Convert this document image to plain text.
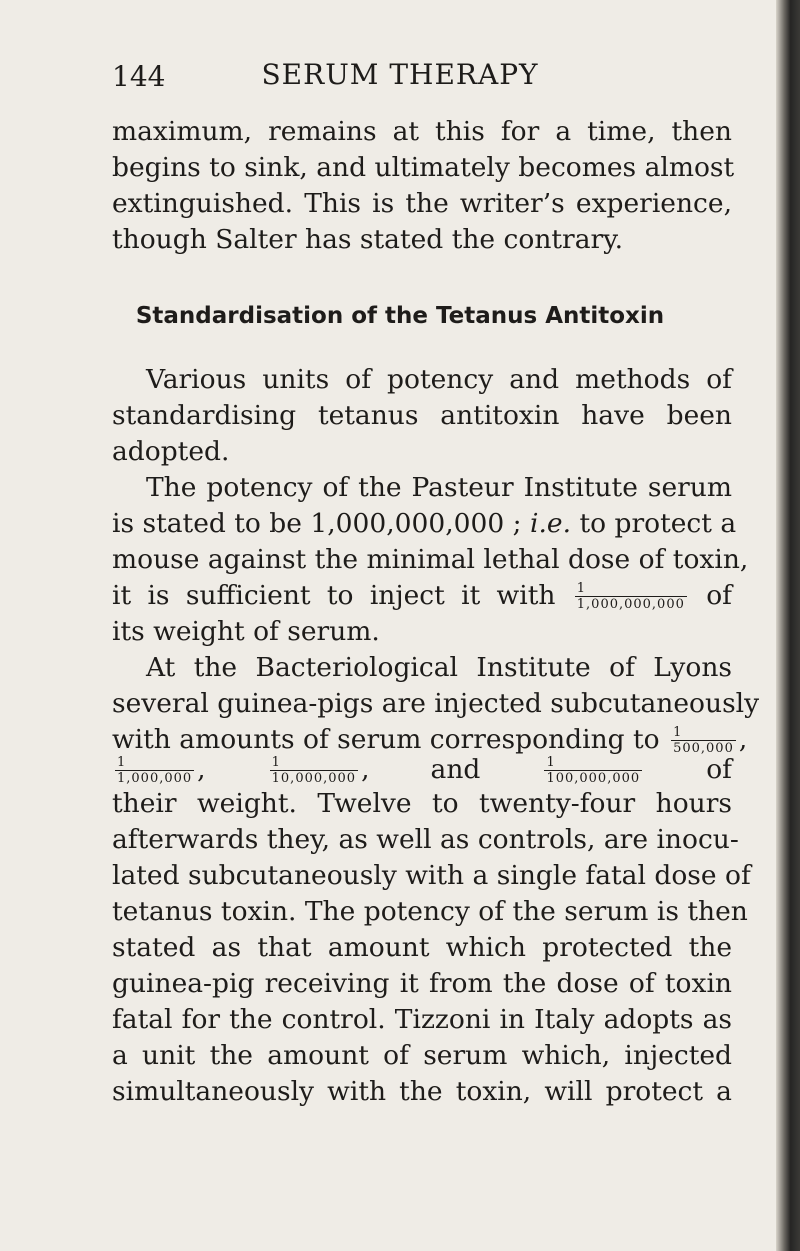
144	SERUM THERAPY
maximum, remains at this for a time, then
begins to sink, and ultimately becomes almost
extinguished. This is the writer’s experience,
though Salter has stated the contrary.
Standardisation of the Tetanus Antitoxin
Various units of potency and methods of
standardising tetanus antitoxin have been
adopted.
The potency of the Pasteur Institute serum
is stated to be 1,000,000,000 ; i.e. to protect a
mouse against the minimal lethal dose of toxin,
it is sufficient to inject it with $\frac{1}{1,000,000,000}$ of
its weight of serum.
At the Bacteriological Institute of Lyons
several guinea-pigs are injected subcutaneously
with amounts of serum corresponding to $\frac{1}{500,000}$ ,
$\frac{1}{1,000,000}$ , $\frac{1}{10,000,000}$ , and	$\frac{1}{100,000,000}$ of
their weight. Twelve to twenty-four hours
afterwards they, as well as controls, are inocu-
lated subcutaneously with a single fatal dose of
tetanus toxin. The potency of the serum is then
stated as that amount which protected the
guinea-pig receiving it from the dose of toxin
fatal for the control. Tizzoni in Italy adopts as
a unit the amount of serum which, injected
simultaneously with the toxin, will protect a
